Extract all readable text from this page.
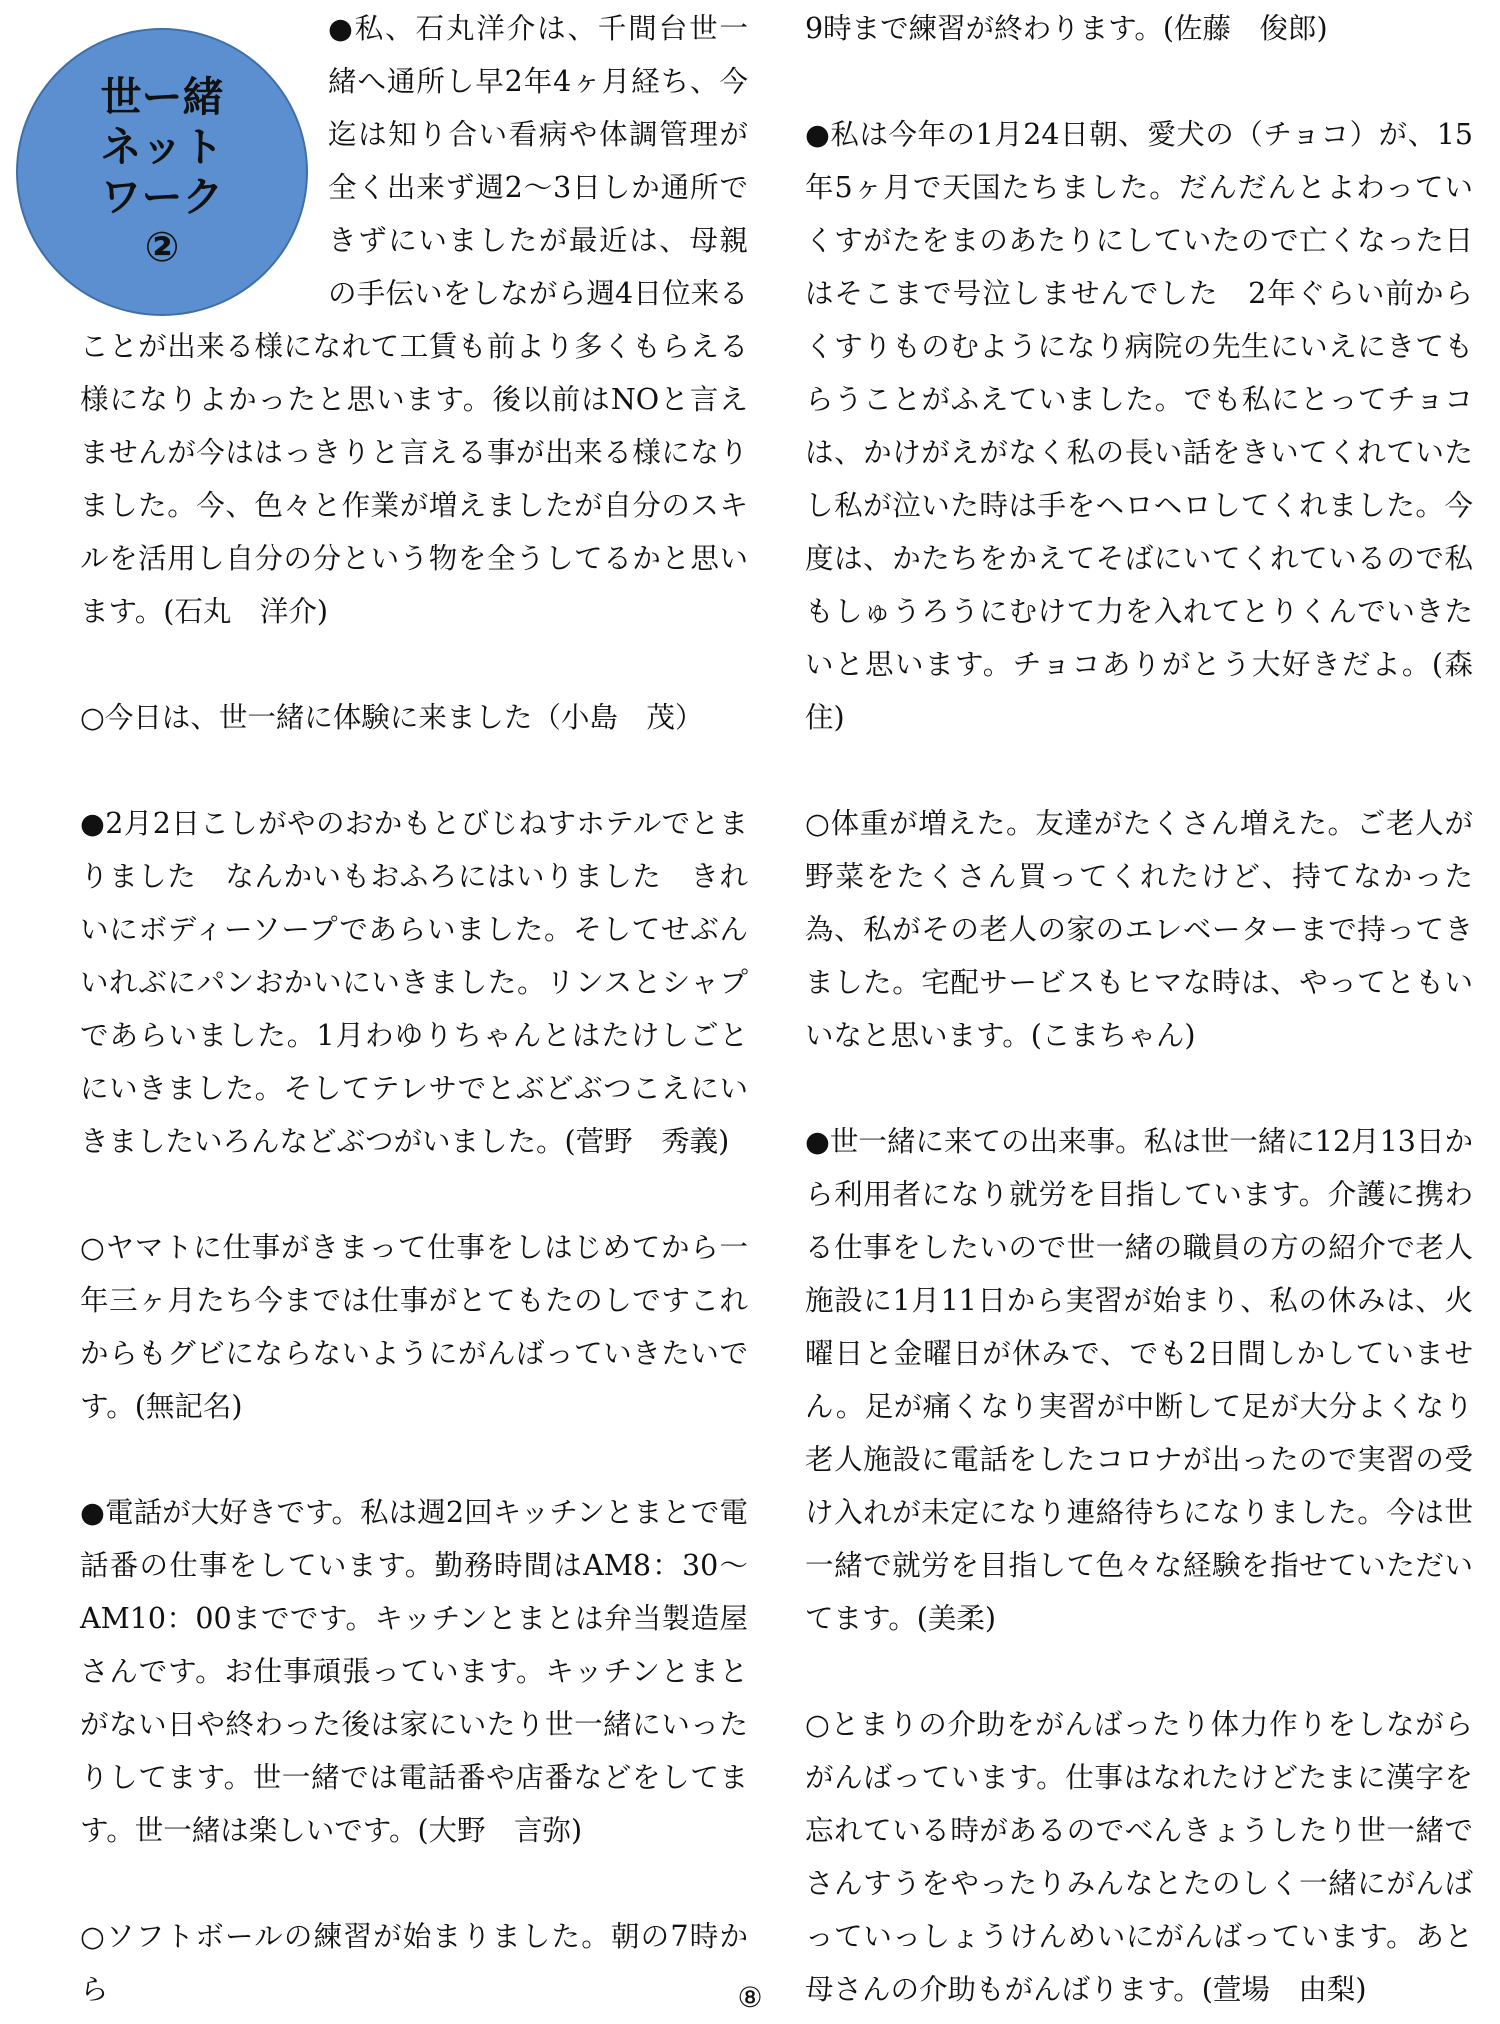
世ー緒
ネット
ワーク
②

●私、石丸洋介は、千間台世一緒へ通所し早2年4ヶ月経ち、今迄は知り合い看病や体調管理が全く出来ず週2〜3日しか通所できずにいましたが最近は、母親の手伝いをしながら週4日位来ることが出来る様になれて工賃も前より多くもらえる様になりよかったと思います。後以前はNOと言えませんが今ははっきりと言える事が出来る様になりました。今、色々と作業が増えましたが自分のスキルを活用し自分の分という物を全うしてるかと思います。(石丸　洋介)

○今日は、世一緒に体験に来ました（小島　茂）

●2月2日こしがやのおかもとびじねすホテルでとまりました　なんかいもおふろにはいりました　きれいにボディーソープであらいました。そしてせぶんいれぶにパンおかいにいきました。リンスとシャプであらいました。1月わゆりちゃんとはたけしごとにいきました。そしてテレサでとぶどぶつこえにいきましたいろんなどぶつがいました。(菅野　秀義)

○ヤマトに仕事がきまって仕事をしはじめてから一年三ヶ月たち今までは仕事がとてもたのしですこれからもグビにならないようにがんばっていきたいです。(無記名)

●電話が大好きです。私は週2回キッチンとまとで電話番の仕事をしています。勤務時間はAM8：30〜AM10：00までです。キッチンとまとは弁当製造屋さんです。お仕事頑張っています。キッチンとまとがない日や終わった後は家にいたり世一緒にいったりしてます。世一緒では電話番や店番などをしてます。世一緒は楽しいです。(大野　言弥)

○ソフトボールの練習が始まりました。朝の7時から

9時まで練習が終わります。(佐藤　俊郎)

●私は今年の1月24日朝、愛犬の（チョコ）が、15年5ヶ月で天国たちました。だんだんとよわっていくすがたをまのあたりにしていたので亡くなった日はそこまで号泣しませんでした　2年ぐらい前からくすりものむようになり病院の先生にいえにきてもらうことがふえていました。でも私にとってチョコは、かけがえがなく私の長い話をきいてくれていたし私が泣いた時は手をヘロヘロしてくれました。今度は、かたちをかえてそばにいてくれているので私もしゅうろうにむけて力を入れてとりくんでいきたいと思います。チョコありがとう大好きだよ。(森住)

○体重が増えた。友達がたくさん増えた。ご老人が野菜をたくさん買ってくれたけど、持てなかった為、私がその老人の家のエレベーターまで持ってきました。宅配サービスもヒマな時は、やってともいいなと思います。(こまちゃん)

●世一緒に来ての出来事。私は世一緒に12月13日から利用者になり就労を目指しています。介護に携わる仕事をしたいので世一緒の職員の方の紹介で老人施設に1月11日から実習が始まり、私の休みは、火曜日と金曜日が休みで、でも2日間しかしていません。足が痛くなり実習が中断して足が大分よくなり老人施設に電話をしたコロナが出ったので実習の受け入れが未定になり連絡待ちになりました。今は世一緒で就労を目指して色々な経験を指せていただいてます。(美柔)

○とまりの介助をがんばったり体力作りをしながらがんばっています。仕事はなれたけどたまに漢字を忘れている時があるのでべんきょうしたり世一緒でさんすうをやったりみんなとたのしく一緒にがんばっていっしょうけんめいにがんばっています。あと母さんの介助もがんばります。(萱場　由梨)

⑧
